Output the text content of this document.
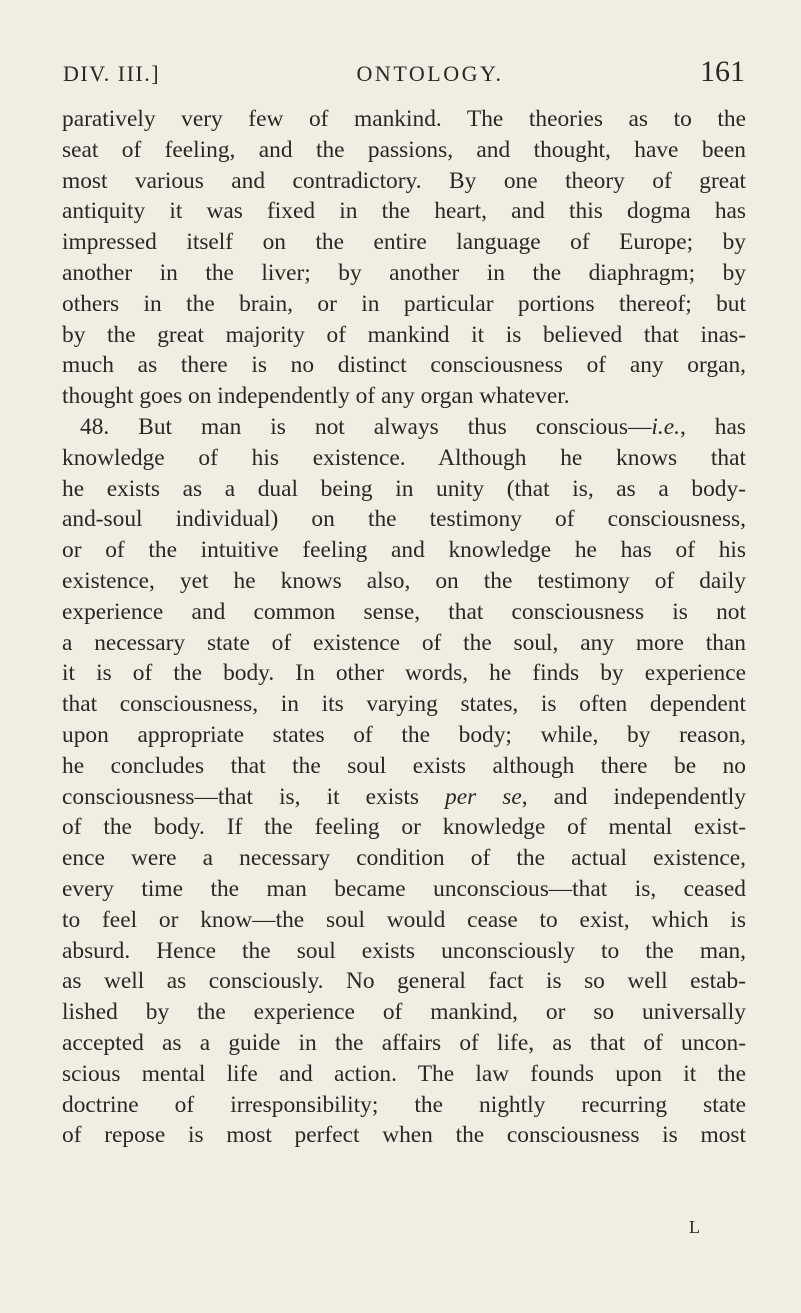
DIV. III.]	ONTOLOGY.	161
paratively very few of mankind. The theories as to the
seat of feeling, and the passions, and thought, have been
most various and contradictory. By one theory of great
antiquity it was fixed in the heart, and this dogma has
impressed itself on the entire language of Europe; by
another in the liver; by another in the diaphragm; by
others in the brain, or in particular portions thereof; but
by the great majority of mankind it is believed that inas-
much as there is no distinct consciousness of any organ,
thought goes on independently of any organ whatever.
48. But man is not always thus conscious—i.e., has
knowledge of his existence. Although he knows that
he exists as a dual being in unity (that is, as a body-
and-soul individual) on the testimony of consciousness,
or of the intuitive feeling and knowledge he has of his
existence, yet he knows also, on the testimony of daily
experience and common sense, that consciousness is not
a necessary state of existence of the soul, any more than
it is of the body. In other words, he finds by experience
that consciousness, in its varying states, is often dependent
upon appropriate states of the body; while, by reason,
he concludes that the soul exists although there be no
consciousness—that is, it exists per se, and independently
of the body. If the feeling or knowledge of mental exist-
ence were a necessary condition of the actual existence,
every time the man became unconscious—that is, ceased
to feel or know—the soul would cease to exist, which is
absurd. Hence the soul exists unconsciously to the man,
as well as consciously. No general fact is so well estab-
lished by the experience of mankind, or so universally
accepted as a guide in the affairs of life, as that of uncon-
scious mental life and action. The law founds upon it the
doctrine of irresponsibility; the nightly recurring state
of repose is most perfect when the consciousness is most
L
